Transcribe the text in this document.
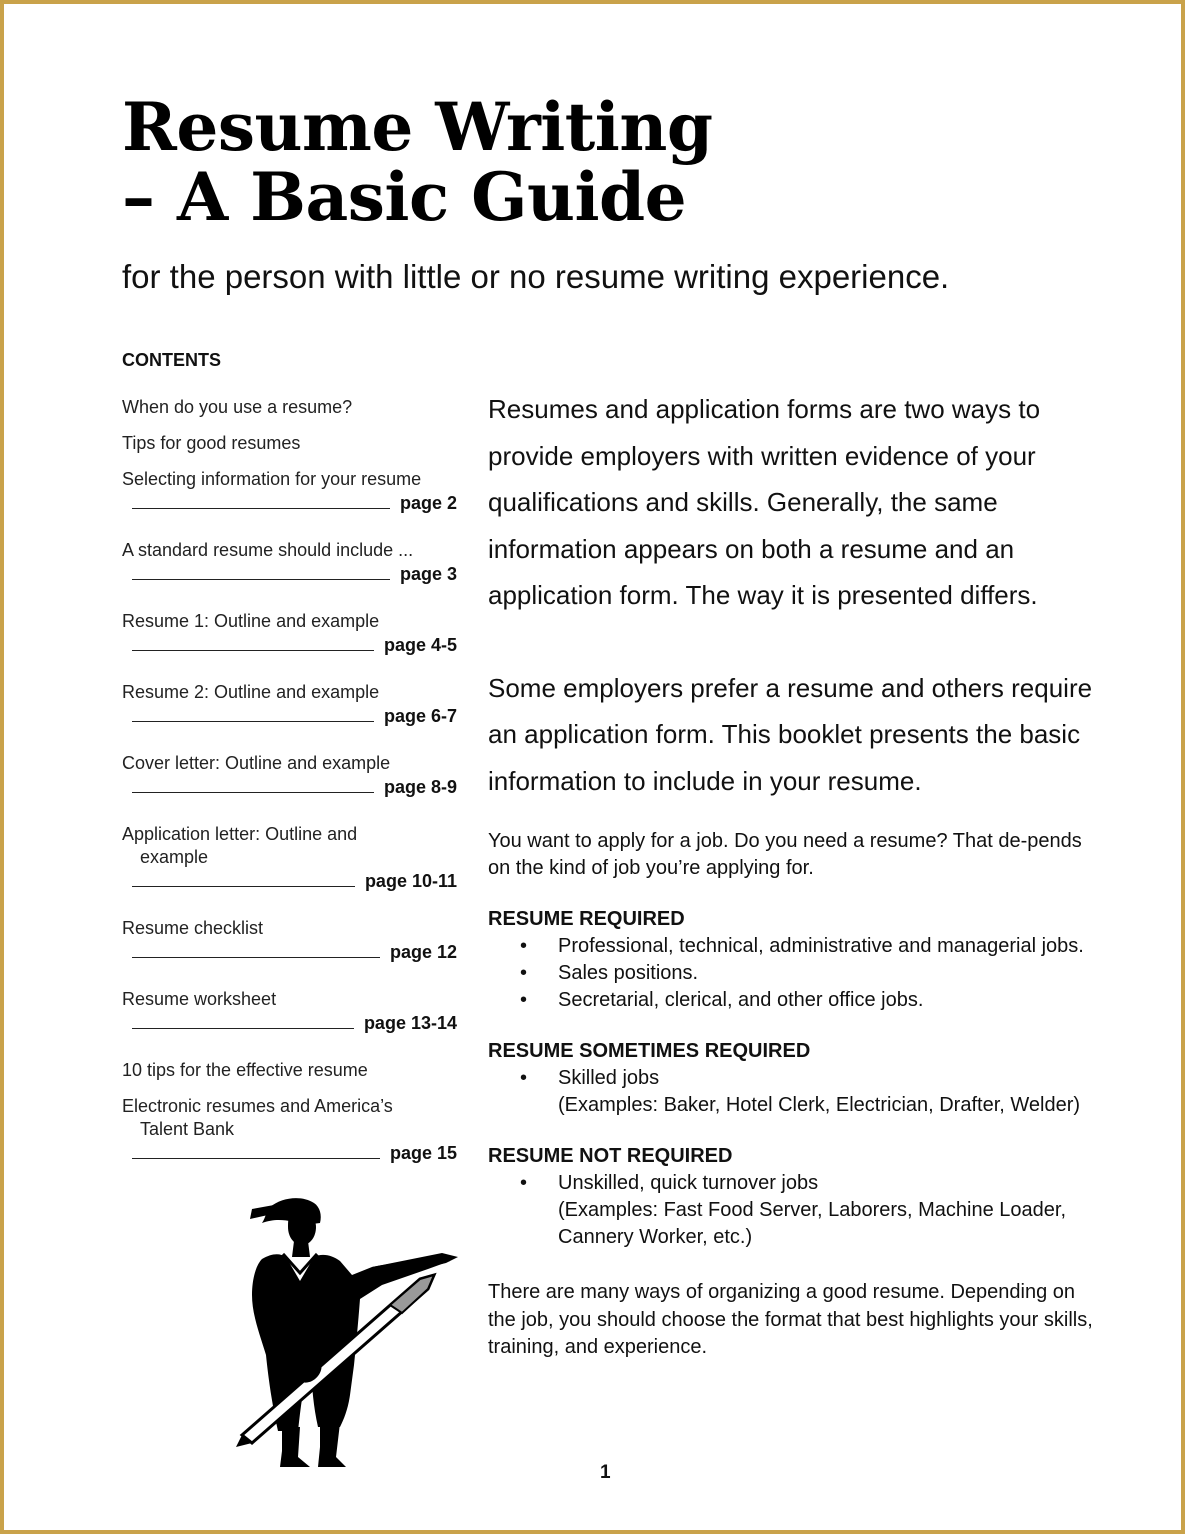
Resume Writing
– A Basic Guide
for the person with little or no resume writing experience.
CONTENTS
When do you use a resume?
Tips for good resumes
Selecting information for your resume
page 2
A standard resume should include ...
page 3
Resume 1: Outline and example
page 4-5
Resume 2: Outline and example
page 6-7
Cover letter: Outline and example
page 8-9
Application letter: Outline and
example
page 10-11
Resume checklist
page 12
Resume worksheet
page 13-14
10 tips for the effective resume
Electronic resumes and America’s
Talent Bank
page 15

Resumes and application forms are two ways to provide employers with written evidence of your qualifications and skills. Generally, the same information appears on both a resume and an application form. The way it is presented differs.

Some employers prefer a resume and others require an application form. This booklet presents the basic information to include in your resume.

You want to apply for a job. Do you need a resume? That de-pends on the kind of job you’re applying for.

RESUME REQUIRED
• Professional, technical, administrative and managerial jobs.
• Sales positions.
• Secretarial, clerical, and other office jobs.
RESUME SOMETIMES REQUIRED
• Skilled jobs
(Examples: Baker, Hotel Clerk, Electrician, Drafter, Welder)
RESUME NOT REQUIRED
• Unskilled, quick turnover jobs
(Examples: Fast Food Server, Laborers, Machine Loader, Cannery Worker, etc.)

There are many ways of organizing a good resume. Depending on the job, you should choose the format that best highlights your skills, training, and experience.

1
